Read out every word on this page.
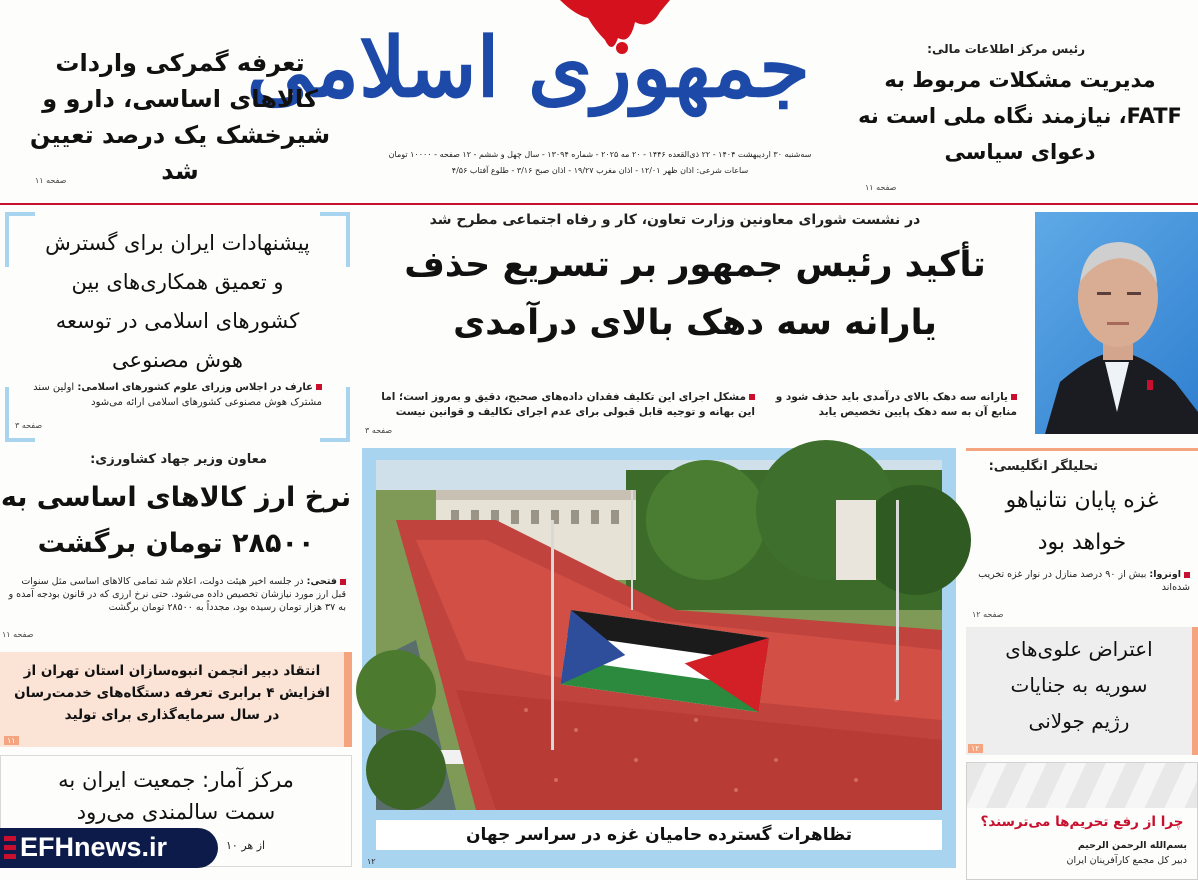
جمهوری اسلامی
سه‌شنبه ۳۰ اردیبهشت ۱۴۰۴ - ۲۲ ذی‌القعده ۱۴۴۶ - ۲۰ مه ۲۰۲۵ - شماره ۱۳۰۹۴ - سال چهل و ششم - ۱۲ صفحه - ۱۰۰۰۰ تومان
ساعات شرعی: اذان ظهر ۱۲/۰۱ - اذان مغرب ۱۹/۲۷ - اذان صبح ۳/۱۶ - طلوع آفتاب ۴/۵۶
تعرفه گمرکی واردات کالاهای اساسی، دارو و شیرخشک یک درصد تعیین شد
صفحه ۱۱
رئیس مرکز اطلاعات مالی:
مدیریت مشکلات مربوط به FATF، نیازمند نگاه ملی است نه دعوای سیاسی
صفحه ۱۱
در نشست شورای معاونین وزارت تعاون، کار و رفاه اجتماعی مطرح شد
تأکید رئیس جمهور بر تسریع حذف یارانه سه دهک بالای درآمدی
یارانه سه دهک بالای درآمدی باید حذف شود و منابع آن به سه دهک پایین تخصیص یابد
مشکل اجرای این تکلیف فقدان داده‌های صحیح، دقیق و به‌روز است؛ اما این بهانه و توجیه قابل قبولی برای عدم اجرای تکالیف و قوانین نیست
صفحه ۳
پیشنهادات ایران برای گسترش و تعمیق همکاری‌های بین کشورهای اسلامی در توسعه هوش مصنوعی
عارف در اجلاس وزرای علوم کشورهای اسلامی: اولین سند مشترک هوش مصنوعی کشورهای اسلامی ارائه می‌شود
صفحه ۳
معاون وزیر جهاد کشاورزی:
نرخ ارز کالاهای اساسی به ۲۸۵۰۰ تومان برگشت
فتحی: در جلسه اخیر هیئت دولت، اعلام شد تمامی کالاهای اساسی مثل سنوات قبل ارز مورد نیازشان تخصیص داده می‌شود. حتی نرخ ارزی که در قانون بودجه آمده و به ۳۷ هزار تومان رسیده بود، مجدداً به ۲۸۵۰۰ تومان برگشت
صفحه ۱۱
انتقاد دبیر انجمن انبوه‌سازان استان تهران از افزایش ۴ برابری تعرفه دستگاه‌های خدمت‌رسان در سال سرمایه‌گذاری برای تولید
۱۱
مرکز آمار: جمعیت ایران به سمت سالمندی می‌رود
از هر ۱۰
EFHnews.ir	تظاهرات گسترده حامیان غزه در سراسر جهان
۱۲
تحلیلگر انگلیسی:
غزه پایان نتانیاهو خواهد بود
اونروا: بیش از ۹۰ درصد منازل در نوار غزه تخریب شده‌اند
صفحه ۱۲
اعتراض علوی‌های سوریه به جنایات رژیم جولانی
۱۲
چرا از رفع تحریم‌ها می‌ترسند؟
بسم‌الله الرحمن الرحیم
دبیر کل مجمع کارآفرینان ایران
